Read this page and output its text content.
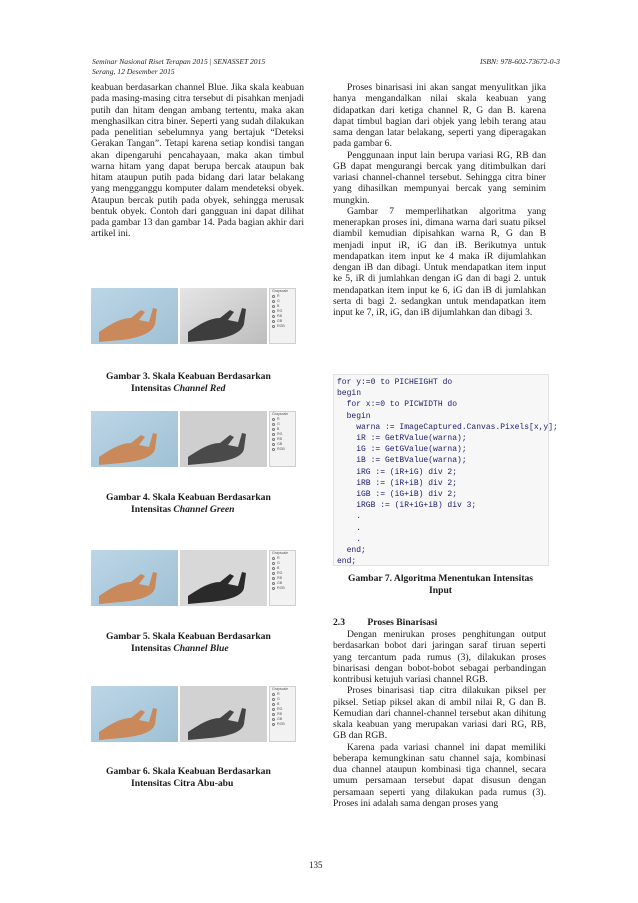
Seminar Nasional Riset Terapan 2015 | SENASSET 2015
Serang, 12 Desember 2015
ISBN: 978-602-73672-0-3

keabuan berdasarkan channel Blue. Jika skala keabuan pada masing-masing citra tersebut di pisahkan menjadi putih dan hitam dengan ambang tertentu, maka akan menghasilkan citra biner. Seperti yang sudah dilakukan pada penelitian sebelumnya yang bertajuk “Deteksi Gerakan Tangan”. Tetapi karena setiap kondisi tangan akan dipengaruhi pencahayaan, maka akan timbul warna hitam yang dapat berupa bercak ataupun bak hitam ataupun putih pada bidang dari latar belakang yang mengganggu komputer dalam mendeteksi obyek. Ataupun bercak putih pada obyek, sehingga merusak bentuk obyek. Contoh dari gangguan ini dapat dilihat pada gambar 13 dan gambar 14. Pada bagian akhir dari artikel ini.

Grayscale
R
G
B
RG
RB
GB
RGB
Gambar 3. Skala Keabuan Berdasarkan
Intensitas Channel Red
Grayscale
R
G
B
RG
RB
GB
RGB
Gambar 4. Skala Keabuan Berdasarkan
Intensitas Channel Green
Grayscale
R
G
B
RG
RB
GB
RGB
Gambar 5. Skala Keabuan Berdasarkan
Intensitas Channel Blue
Grayscale
R
G
B
RG
RB
GB
RGB
Gambar 6. Skala Keabuan Berdasarkan
Intensitas Citra Abu-abu

Proses binarisasi ini akan sangat menyulitkan jika hanya mengandalkan nilai skala keabuan yang didapatkan dari ketiga channel R, G dan B. karena dapat timbul bagian dari objek yang lebih terang atau sama dengan latar belakang, seperti yang diperagakan pada gambar 6.

Penggunaan input lain berupa variasi RG, RB dan GB dapat mengurangi bercak yang ditimbulkan dari variasi channel-channel tersebut. Sehingga citra biner yang dihasilkan mempunyai bercak yang seminim mungkin.

Gambar 7 memperlihatkan algoritma yang menerapkan proses ini, dimana warna dari suatu piksel diambil kemudian dipisahkan warna R, G dan B menjadi input iR, iG dan iB. Berikutnya untuk mendapatkan item input ke 4 maka iR dijumlahkan dengan iB dan dibagi. Untuk mendapatkan item input ke 5, iR di jumlahkan dengan iG dan di bagi 2. untuk mendapatkan item input ke 6, iG dan iB di jumlahkan serta di bagi 2. sedangkan untuk mendapatkan item input ke 7, iR, iG, dan iB dijumlahkan dan dibagi 3.

for y:=0 to PICHEIGHT do
begin
for x:=0 to PICWIDTH do
begin
warna := ImageCaptured.Canvas.Pixels[x,y];
iR := GetRValue(warna);
iG := GetGValue(warna);
iB := GetBValue(warna);
iRG := (iR+iG) div 2;
iRB := (iR+iB) div 2;
iGB := (iG+iB) div 2;
iRGB := (iR+iG+iB) div 3;
.
.
.
end;
end;
Gambar 7. Algoritma Menentukan Intensitas
Input
2.3 Proses Binarisasi

Dengan menirukan proses penghitungan output berdasarkan bobot dari jaringan saraf tiruan seperti yang tercantum pada rumus (3), dilakukan proses binarisasi dengan bobot-bobot sebagai perbandingan kontribusi ketujuh variasi channel RGB.

Proses binarisasi tiap citra dilakukan piksel per piksel. Setiap piksel akan di ambil nilai R, G dan B. Kemudian dari channel-channel tersebut akan dihitung skala keabuan yang merupakan variasi dari RG, RB, GB dan RGB.

Karena pada variasi channel ini dapat memiliki beberapa kemungkinan satu channel saja, kombinasi dua channel ataupun kombinasi tiga channel, secara umum persamaan tersebut dapat disusun dengan persamaan seperti yang dilakukan pada rumus (3). Proses ini adalah sama dengan proses yang

135
